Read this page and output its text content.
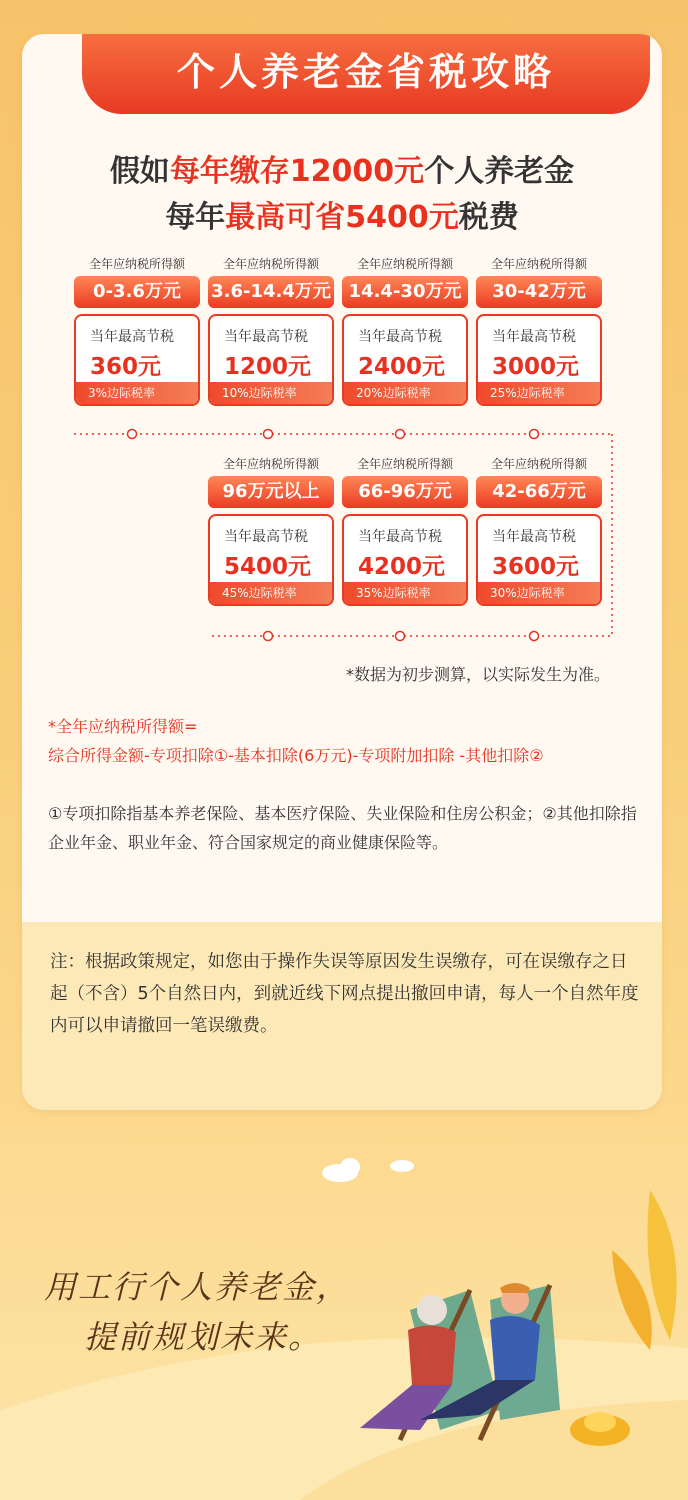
个人养老金省税攻略
假如每年缴存12000元个人养老金
每年最高可省5400元税费
全年应纳税所得额
0-3.6万元
当年最高节税
360元
3%边际税率
全年应纳税所得额
3.6-14.4万元
当年最高节税
1200元
10%边际税率
全年应纳税所得额
14.4-30万元
当年最高节税
2400元
20%边际税率
全年应纳税所得额
30-42万元
当年最高节税
3000元
25%边际税率
全年应纳税所得额
96万元以上
当年最高节税
5400元
45%边际税率
全年应纳税所得额
66-96万元
当年最高节税
4200元
35%边际税率
全年应纳税所得额
42-66万元
当年最高节税
3600元
30%边际税率
*数据为初步测算，以实际发生为准。
*全年应纳税所得额=
综合所得金额-专项扣除①-基本扣除(6万元)-专项附加扣除 -其他扣除②
①专项扣除指基本养老保险、基本医疗保险、失业保险和住房公积金；②其他扣除指企业年金、职业年金、符合国家规定的商业健康保险等。
注：根据政策规定，如您由于操作失误等原因发生误缴存，可在误缴存之日起（不含）5个自然日内，到就近线下网点提出撤回申请，每人一个自然年度内可以申请撤回一笔误缴费。
用工行个人养老金，
提前规划未来。
